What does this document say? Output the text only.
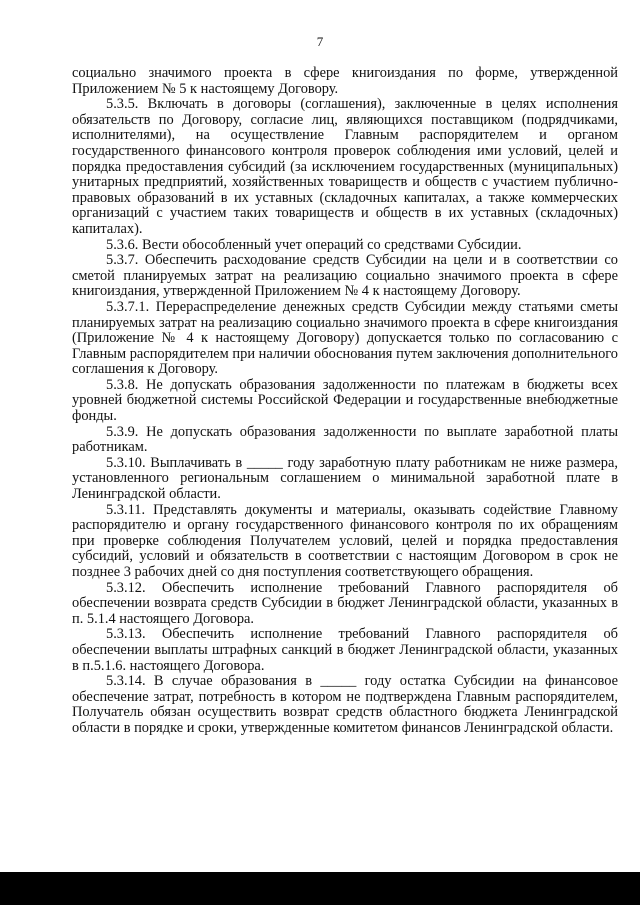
7

социально значимого проекта в сфере книгоиздания по форме, утвержденной Приложением № 5 к настоящему Договору.

5.3.5. Включать в договоры (соглашения), заключенные в целях исполнения обязательств по Договору, согласие лиц, являющихся поставщиком (подрядчиками, исполнителями), на осуществление Главным распорядителем и органом государственного финансового контроля проверок соблюдения ими условий, целей и порядка предоставления субсидий (за исключением государственных (муниципальных) унитарных предприятий, хозяйственных товариществ и обществ с участием публично-правовых образований в их уставных (складочных капиталах, а также коммерческих организаций с участием таких товариществ и обществ в их уставных (складочных) капиталах).

5.3.6. Вести обособленный учет операций со средствами Субсидии.

5.3.7. Обеспечить расходование средств Субсидии на цели и в соответствии со сметой планируемых затрат на реализацию социально значимого проекта в сфере книгоиздания, утвержденной Приложением № 4 к настоящему Договору.

5.3.7.1. Перераспределение денежных средств Субсидии между статьями сметы планируемых затрат на реализацию социально значимого проекта в сфере книгоиздания (Приложение № 4 к настоящему Договору) допускается только по согласованию с Главным распорядителем при наличии обоснования путем заключения дополнительного соглашения к Договору.

5.3.8. Не допускать образования задолженности по платежам в бюджеты всех уровней бюджетной системы Российской Федерации и государственные внебюджетные фонды.

5.3.9. Не допускать образования задолженности по выплате заработной платы работникам.

5.3.10. Выплачивать в _____ году заработную плату работникам не ниже размера, установленного региональным соглашением о минимальной заработной плате в Ленинградской области.

5.3.11. Представлять документы и материалы, оказывать содействие Главному распорядителю и органу государственного финансового контроля по их обращениям при проверке соблюдения Получателем условий, целей и порядка предоставления субсидий, условий и обязательств в соответствии с настоящим Договором в срок не позднее 3 рабочих дней со дня поступления соответствующего обращения.

5.3.12. Обеспечить исполнение требований Главного распорядителя об обеспечении возврата средств Субсидии в бюджет Ленинградской области, указанных в п. 5.1.4 настоящего Договора.

5.3.13. Обеспечить исполнение требований Главного распорядителя об обеспечении выплаты штрафных санкций в бюджет Ленинградской области, указанных в п.5.1.6. настоящего Договора.

5.3.14. В случае образования в _____ году остатка Субсидии на финансовое обеспечение затрат, потребность в котором не подтверждена Главным распорядителем, Получатель обязан осуществить возврат средств областного бюджета Ленинградской области в порядке и сроки, утвержденные комитетом финансов Ленинградской области.
